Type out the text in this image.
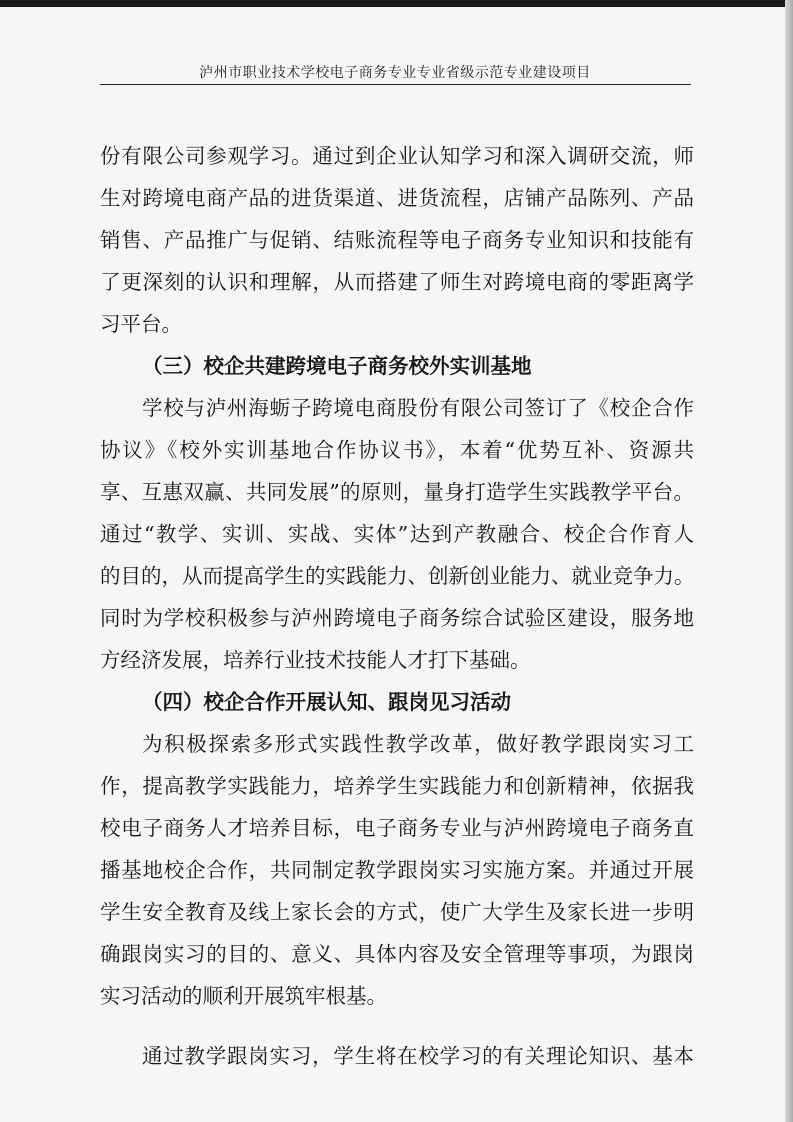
泸州市职业技术学校电子商务专业专业省级示范专业建设项目
份有限公司参观学习。通过到企业认知学习和深入调研交流，师
生对跨境电商产品的进货渠道、进货流程，店铺产品陈列、产品
销售、产品推广与促销、结账流程等电子商务专业知识和技能有
了更深刻的认识和理解，从而搭建了师生对跨境电商的零距离学
习平台。
（三）校企共建跨境电子商务校外实训基地
学校与泸州海蛎子跨境电商股份有限公司签订了《校企合作
协议》《校外实训基地合作协议书》，本着“优势互补、资源共
享、互惠双赢、共同发展”的原则，量身打造学生实践教学平台。
通过“教学、实训、实战、实体”达到产教融合、校企合作育人
的目的，从而提高学生的实践能力、创新创业能力、就业竞争力。
同时为学校积极参与泸州跨境电子商务综合试验区建设，服务地
方经济发展，培养行业技术技能人才打下基础。
（四）校企合作开展认知、跟岗见习活动
为积极探索多形式实践性教学改革，做好教学跟岗实习工
作，提高教学实践能力，培养学生实践能力和创新精神，依据我
校电子商务人才培养目标，电子商务专业与泸州跨境电子商务直
播基地校企合作，共同制定教学跟岗实习实施方案。并通过开展
学生安全教育及线上家长会的方式，使广大学生及家长进一步明
确跟岗实习的目的、意义、具体内容及安全管理等事项，为跟岗
实习活动的顺利开展筑牢根基。
通过教学跟岗实习，学生将在校学习的有关理论知识、基本
